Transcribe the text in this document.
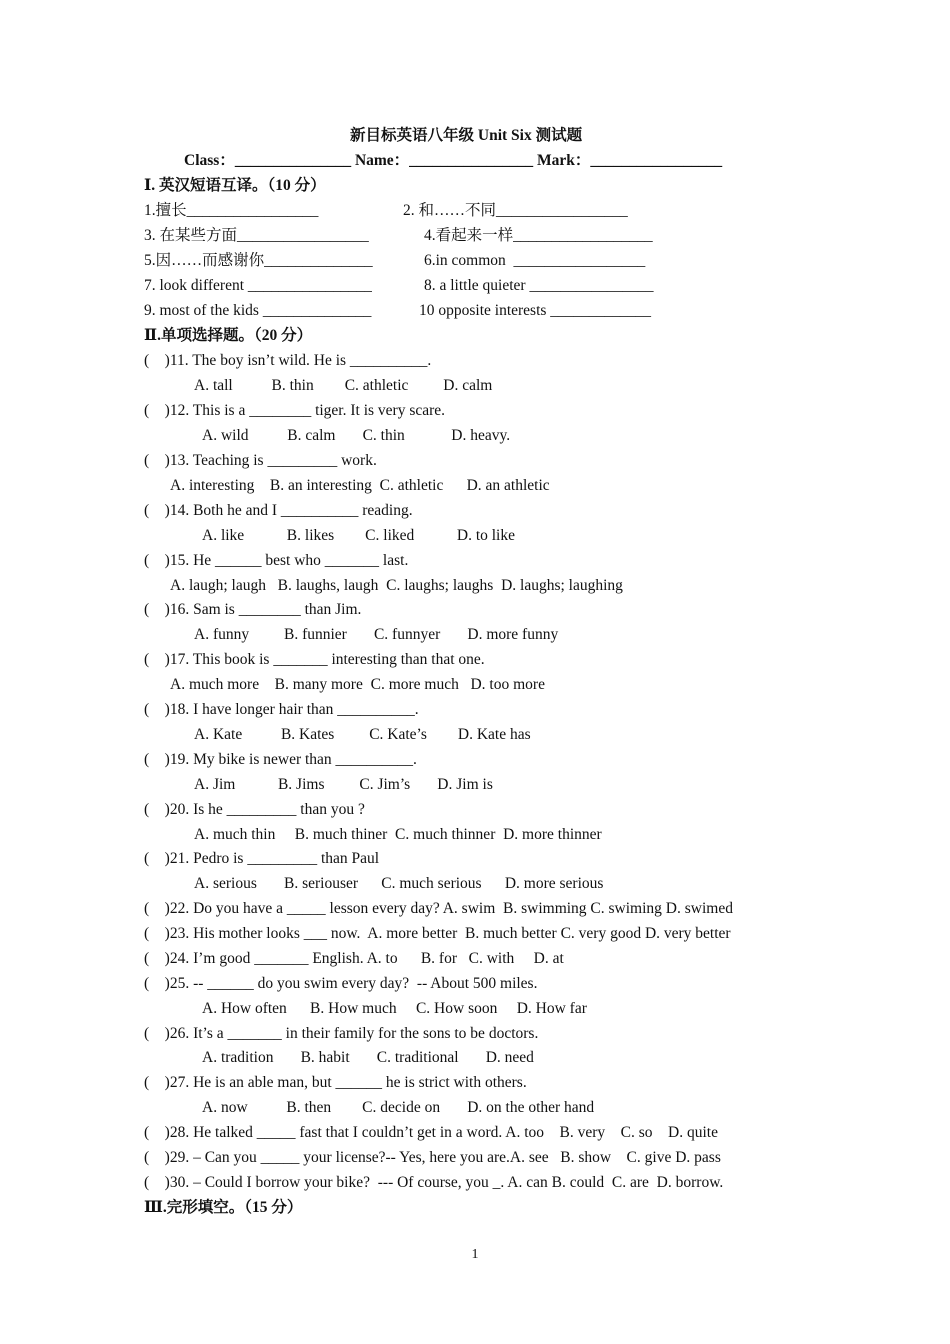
新目标英语八年级 Unit Six 测试题
Class：_______________ Name：________________ Mark：_________________
Ⅰ. 英汉短语互译。（10 分）
1.擅长_________________	2. 和……不同_________________
3. 在某些方面_________________	4.看起来一样__________________
5.因……而感谢你______________	6.in common  _________________
7. look different ________________	8. a little quieter ________________
9. most of the kids ______________	10 opposite interests _____________
Ⅱ.单项选择题。（20 分）
(    )11. The boy isn’t wild. He is __________.
A. tall          B. thin        C. athletic         D. calm
(    )12. This is a ________ tiger. It is very scare.
A. wild          B. calm       C. thin            D. heavy.
(    )13. Teaching is _________ work.
A. interesting    B. an interesting  C. athletic      D. an athletic
(    )14. Both he and I __________ reading.
A. like           B. likes        C. liked           D. to like
(    )15. He ______ best who _______ last.
A. laugh; laugh   B. laughs, laugh  C. laughs; laughs  D. laughs; laughing
(    )16. Sam is ________ than Jim.
A. funny         B. funnier       C. funnyer       D. more funny
(    )17. This book is _______ interesting than that one.
A. much more    B. many more  C. more much   D. too more
(    )18. I have longer hair than __________.
A. Kate          B. Kates         C. Kate’s        D. Kate has
(    )19. My bike is newer than __________.
A. Jim           B. Jims         C. Jim’s       D. Jim is
(    )20. Is he _________ than you ?
A. much thin     B. much thiner  C. much thinner  D. more thinner
(    )21. Pedro is _________ than Paul
A. serious       B. seriouser      C. much serious      D. more serious
(    )22. Do you have a _____ lesson every day? A. swim  B. swimming C. swiming D. swimed
(    )23. His mother looks ___ now.  A. more better  B. much better C. very good D. very better
(    )24. I’m good _______ English. A. to      B. for   C. with     D. at
(    )25. -- ______ do you swim every day?  -- About 500 miles.
A. How often      B. How much     C. How soon     D. How far
(    )26. It’s a _______ in their family for the sons to be doctors.
A. tradition       B. habit       C. traditional       D. need
(    )27. He is an able man, but ______ he is strict with others.
A. now          B. then        C. decide on       D. on the other hand
(    )28. He talked _____ fast that I couldn’t get in a word. A. too    B. very    C. so    D. quite
(    )29. – Can you _____ your license?-- Yes, here you are.A. see   B. show    C. give D. pass
(    )30. – Could I borrow your bike?  --- Of course, you _. A. can B. could  C. are  D. borrow.
Ⅲ.完形填空。（15 分）
1
